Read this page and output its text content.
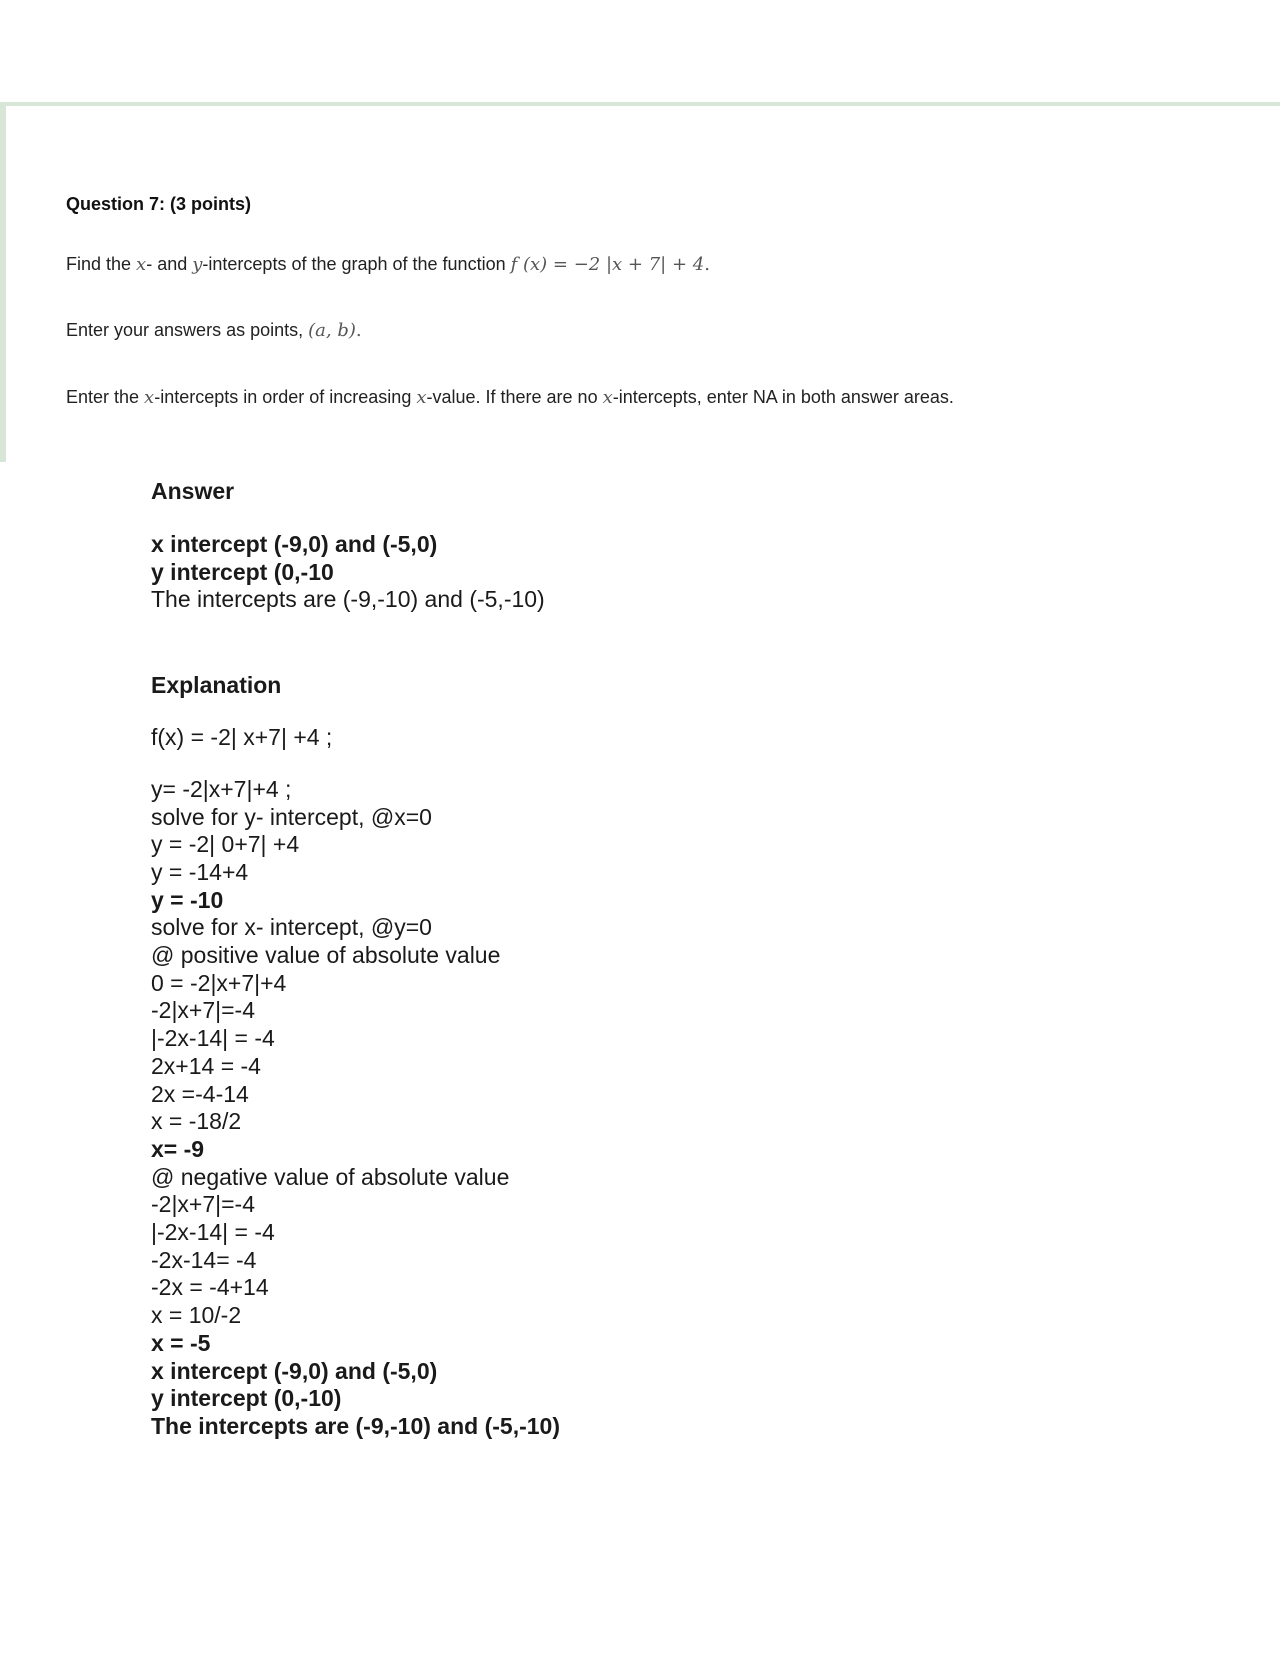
Question 7: (3 points)
Find the x- and y-intercepts of the graph of the function f (x) = −2 |x + 7| + 4.
Enter your answers as points, (a, b).
Enter the x-intercepts in order of increasing x-value. If there are no x-intercepts, enter NA in both answer areas.
Answer
x intercept (-9,0) and (-5,0)
y intercept (0,-10
The intercepts are (-9,-10) and (-5,-10)
Explanation
f(x) = -2| x+7| +4 ;
y= -2|x+7|+4 ;
solve for y- intercept, @x=0
y = -2| 0+7| +4
y = -14+4
y = -10
solve for x- intercept, @y=0
@ positive value of absolute value
0 = -2|x+7|+4
-2|x+7|=-4
|-2x-14| = -4
2x+14 = -4
2x =-4-14
x = -18/2
x= -9
@ negative value of absolute value
-2|x+7|=-4
|-2x-14| = -4
-2x-14= -4
-2x = -4+14
x = 10/-2
x = -5
x intercept (-9,0) and (-5,0)
y intercept (0,-10)
The intercepts are (-9,-10) and (-5,-10)
